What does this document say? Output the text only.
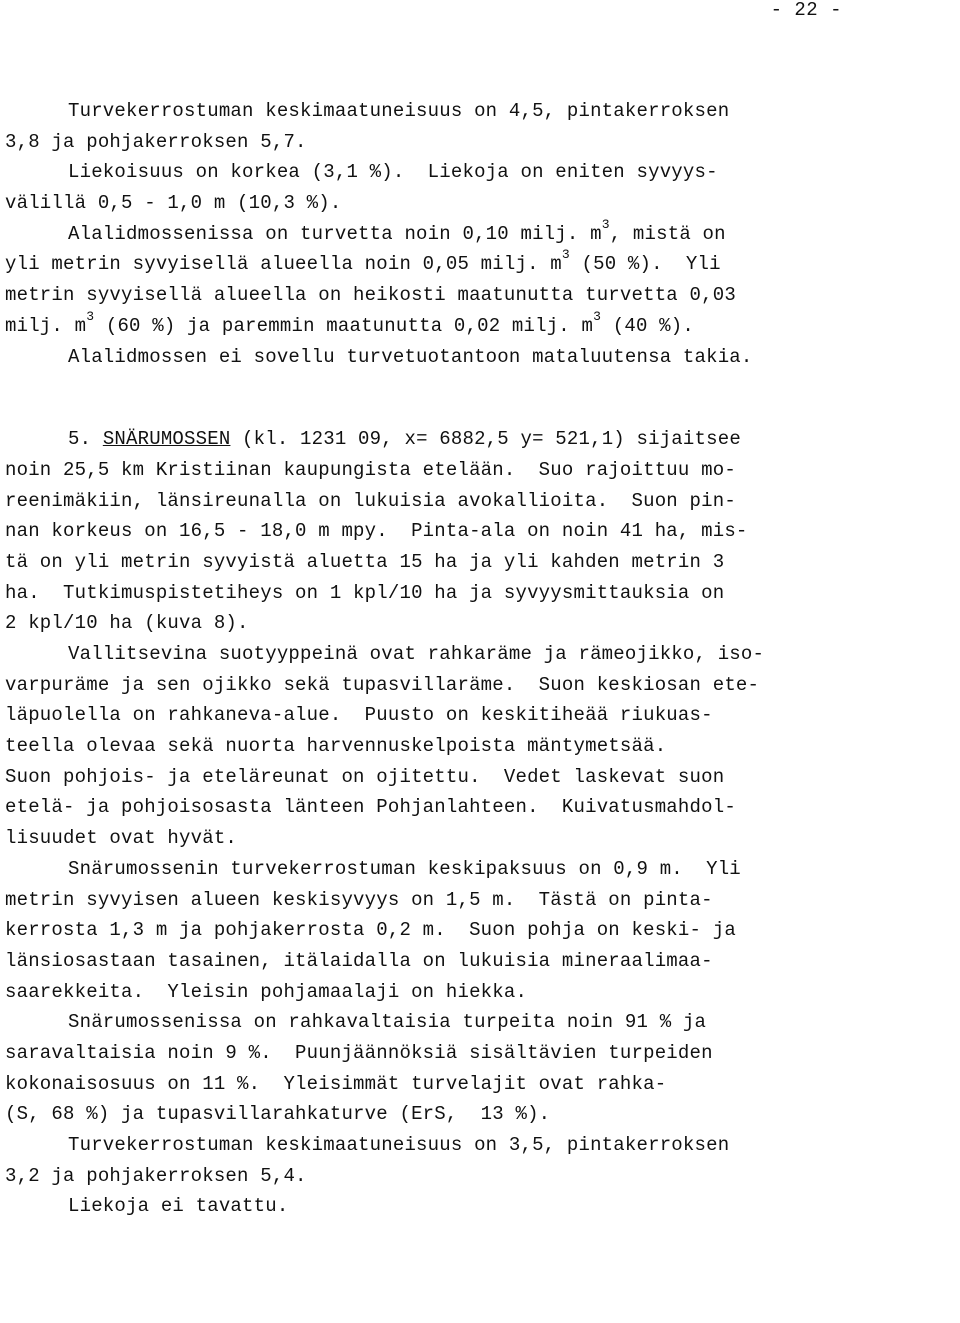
- 22 -
Turvekerrostuman keskimaatuneisuus on 4,5, pintakerroksen
3,8 ja pohjakerroksen 5,7.
Liekoisuus on korkea (3,1 %).  Liekoja on eniten syvyys-
välillä 0,5 - 1,0 m (10,3 %).
Alalidmossenissa on turvetta noin 0,10 milj. $m^3$, mistä on
yli metrin syvyisellä alueella noin 0,05 milj. $m^3$ (50 %).  Yli
metrin syvyisellä alueella on heikosti maatunutta turvetta 0,03
milj. $m^3$ (60 %) ja paremmin maatunutta 0,02 milj. $m^3$ (40 %).
Alalidmossen ei sovellu turvetuotantoon mataluutensa takia.
5. SNÄRUMOSSEN (kl. 1231 09, x= 6882,5 y= 521,1) sijaitsee
noin 25,5 km Kristiinan kaupungista etelään.  Suo rajoittuu mo-
reenimäkiin, länsireunalla on lukuisia avokallioita.  Suon pin-
nan korkeus on 16,5 - 18,0 m mpy.  Pinta-ala on noin 41 ha, mis-
tä on yli metrin syvyistä aluetta 15 ha ja yli kahden metrin 3
ha.  Tutkimuspistetiheys on 1 kpl/10 ha ja syvyysmittauksia on
2 kpl/10 ha (kuva 8).
Vallitsevina suotyyppeinä ovat rahkaräme ja rämeojikko, iso-
varpuräme ja sen ojikko sekä tupasvillaräme.  Suon keskiosan ete-
läpuolella on rahkaneva-alue.  Puusto on keskitiheää riukuas-
teella olevaa sekä nuorta harvennuskelpoista mäntymetsää.
Suon pohjois- ja eteläreunat on ojitettu.  Vedet laskevat suon
etelä- ja pohjoisosasta länteen Pohjanlahteen.  Kuivatusmahdol-
lisuudet ovat hyvät.
Snärumossenin turvekerrostuman keskipaksuus on 0,9 m.  Yli
metrin syvyisen alueen keskisyvyys on 1,5 m.  Tästä on pinta-
kerrosta 1,3 m ja pohjakerrosta 0,2 m.  Suon pohja on keski- ja
länsiosastaan tasainen, itälaidalla on lukuisia mineraalimaa-
saarekkeita.  Yleisin pohjamaalaji on hiekka.
Snärumossenissa on rahkavaltaisia turpeita noin 91 % ja
saravaltaisia noin 9 %.  Puunjäännöksiä sisältävien turpeiden
kokonaisosuus on 11 %.  Yleisimmät turvelajit ovat rahka-
(S, 68 %) ja tupasvillarahkaturve (ErS,  13 %).
Turvekerrostuman keskimaatuneisuus on 3,5, pintakerroksen
3,2 ja pohjakerroksen 5,4.
Liekoja ei tavattu.
